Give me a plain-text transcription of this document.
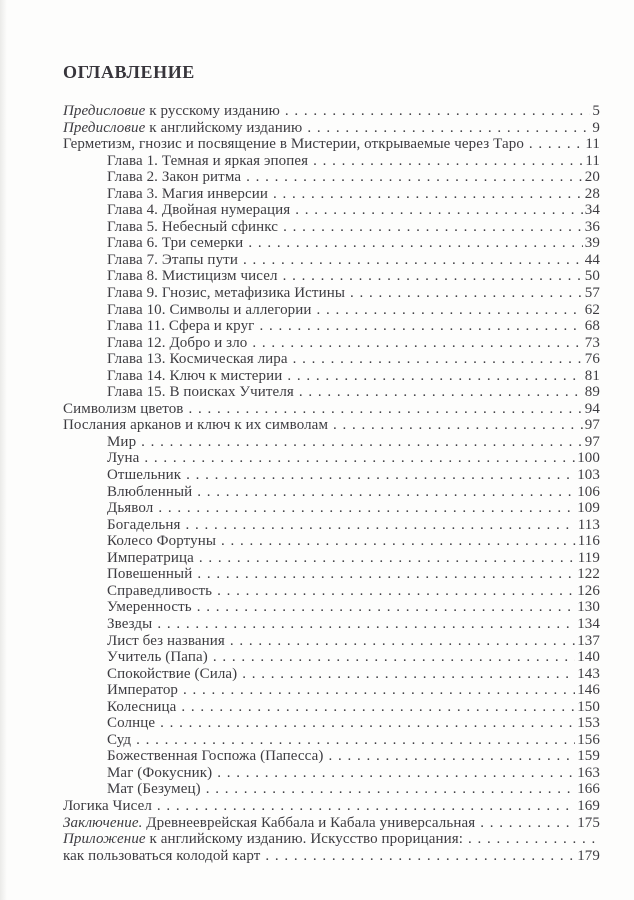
ОГЛАВЛЕНИЕ
Предисловие к русскому изданию . . .	5
Предисловие к английскому изданию . . .	9
Герметизм, гнозис и посвящение в Мистерии, открываемые через Таро . . .	11
Глава 1. Темная и яркая эпопея . . .	11
Глава 2. Закон ритма . . .	20
Глава 3. Магия инверсии . . .	28
Глава 4. Двойная нумерация . . .	34
Глава 5. Небесный сфинкс . . .	36
Глава 6. Три семерки . . .	39
Глава 7. Этапы пути . . .	44
Глава 8. Мистицизм чисел . . .	50
Глава 9. Гнозис, метафизика Истины . . .	57
Глава 10. Символы и аллегории . . .	62
Глава 11. Сфера и круг . . .	68
Глава 12. Добро и зло . . .	73
Глава 13. Космическая лира . . .	76
Глава 14. Ключ к мистерии . . .	81
Глава 15. В поисках Учителя . . .	89
Символизм цветов . . .	94
Послания арканов и ключ к их символам . . .	97
Мир . . .	97
Луна . . .	100
Отшельник . . .	103
Влюбленный . . .	106
Дьявол . . .	109
Богадельня . . .	113
Колесо Фортуны . . .	116
Императрица . . .	119
Повешенный . . .	122
Справедливость . . .	126
Умеренность . . .	130
Звезды . . .	134
Лист без названия . . .	137
Учитель (Папа) . . .	140
Спокойствие (Сила) . . .	143
Император . . .	146
Колесница . . .	150
Солнце . . .	153
Суд . . .	156
Божественная Госпожа (Папесса) . . .	159
Маг (Фокусник) . . .	163
Мат (Безумец) . . .	166
Логика Чисел . . .	169
Заключение. Древнееврейская Каббала и Кабала универсальная . . .	175
Приложение к английскому изданию. Искусство прорицания:
. . .
как пользоваться колодой карт . . .	179
